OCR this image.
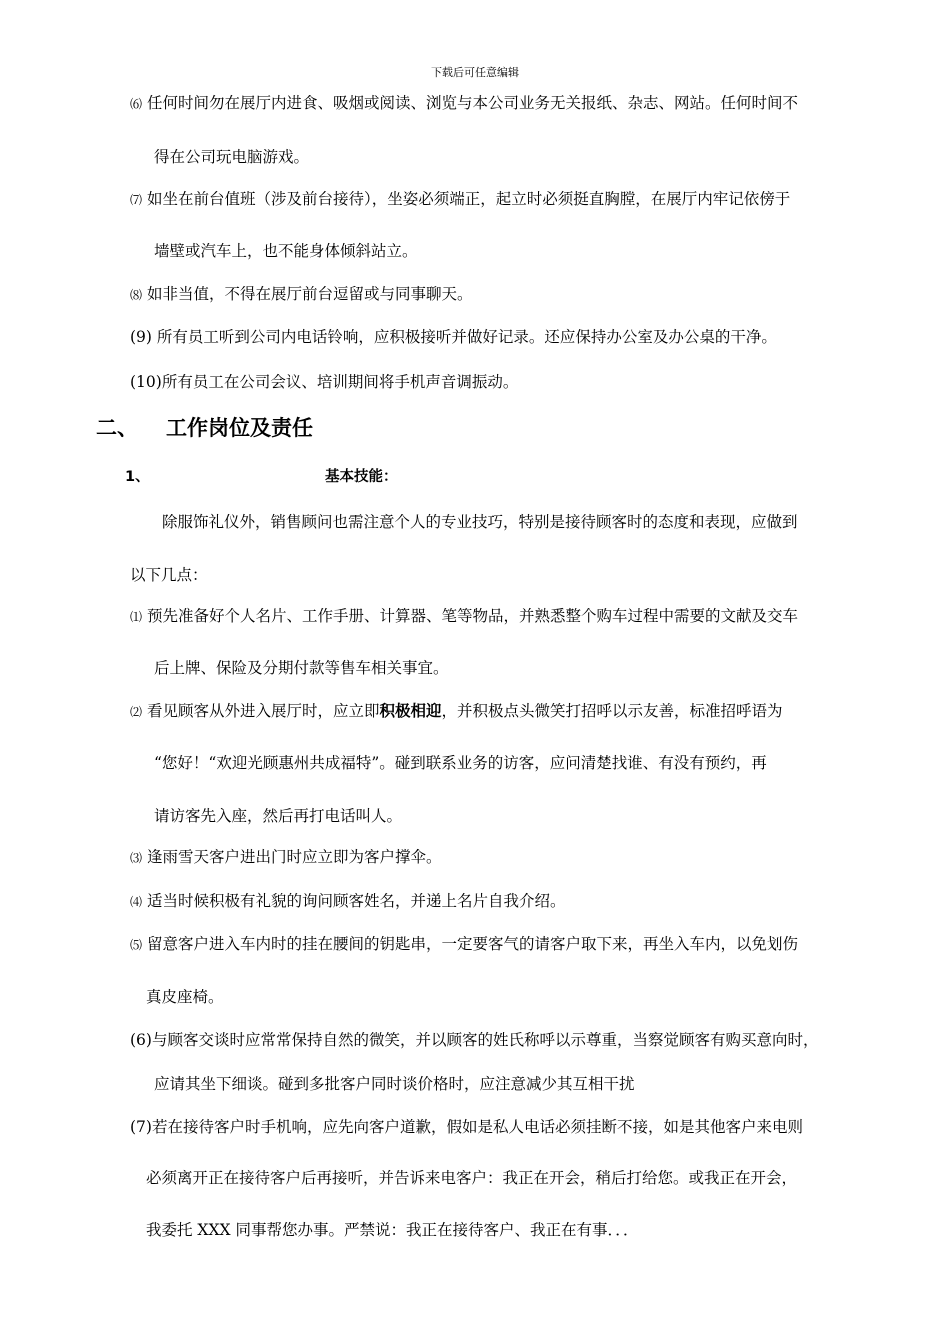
下载后可任意编辑
⑹ 任何时间勿在展厅内进食、吸烟或阅读、浏览与本公司业务无关报纸、杂志、网站。任何时间不
得在公司玩电脑游戏。
⑺ 如坐在前台值班（涉及前台接待），坐姿必须端正，起立时必须挺直胸膛，在展厅内牢记依傍于
墙壁或汽车上，也不能身体倾斜站立。
⑻ 如非当值，不得在展厅前台逗留或与同事聊天。
(9) 所有员工听到公司内电话铃响，应积极接听并做好记录。还应保持办公室及办公桌的干净。
(10)所有员工在公司会议、培训期间将手机声音调振动。
二、 工作岗位及责任
1、	基本技能：
除服饰礼仪外，销售顾问也需注意个人的专业技巧，特别是接待顾客时的态度和表现，应做到
以下几点：
⑴ 预先准备好个人名片、工作手册、计算器、笔等物品，并熟悉整个购车过程中需要的文献及交车
后上牌、保险及分期付款等售车相关事宜。
⑵ 看见顾客从外进入展厅时，应立即积极相迎，并积极点头微笑打招呼以示友善，标准招呼语为
“您好！“欢迎光顾惠州共成福特”。碰到联系业务的访客，应问清楚找谁、有没有预约，再
请访客先入座，然后再打电话叫人。
⑶ 逢雨雪天客户进出门时应立即为客户撑伞。
⑷ 适当时候积极有礼貌的询问顾客姓名，并递上名片自我介绍。
⑸ 留意客户进入车内时的挂在腰间的钥匙串，一定要客气的请客户取下来，再坐入车内，以免划伤
真皮座椅。
(6)与顾客交谈时应常常保持自然的微笑，并以顾客的姓氏称呼以示尊重，当察觉顾客有购买意向时，
应请其坐下细谈。碰到多批客户同时谈价格时，应注意减少其互相干扰
(7)若在接待客户时手机响，应先向客户道歉，假如是私人电话必须挂断不接，如是其他客户来电则
必须离开正在接待客户后再接听，并告诉来电客户：我正在开会，稍后打给您。或我正在开会，
我委托 XXX 同事帮您办事。严禁说：我正在接待客户、我正在有事．．．
